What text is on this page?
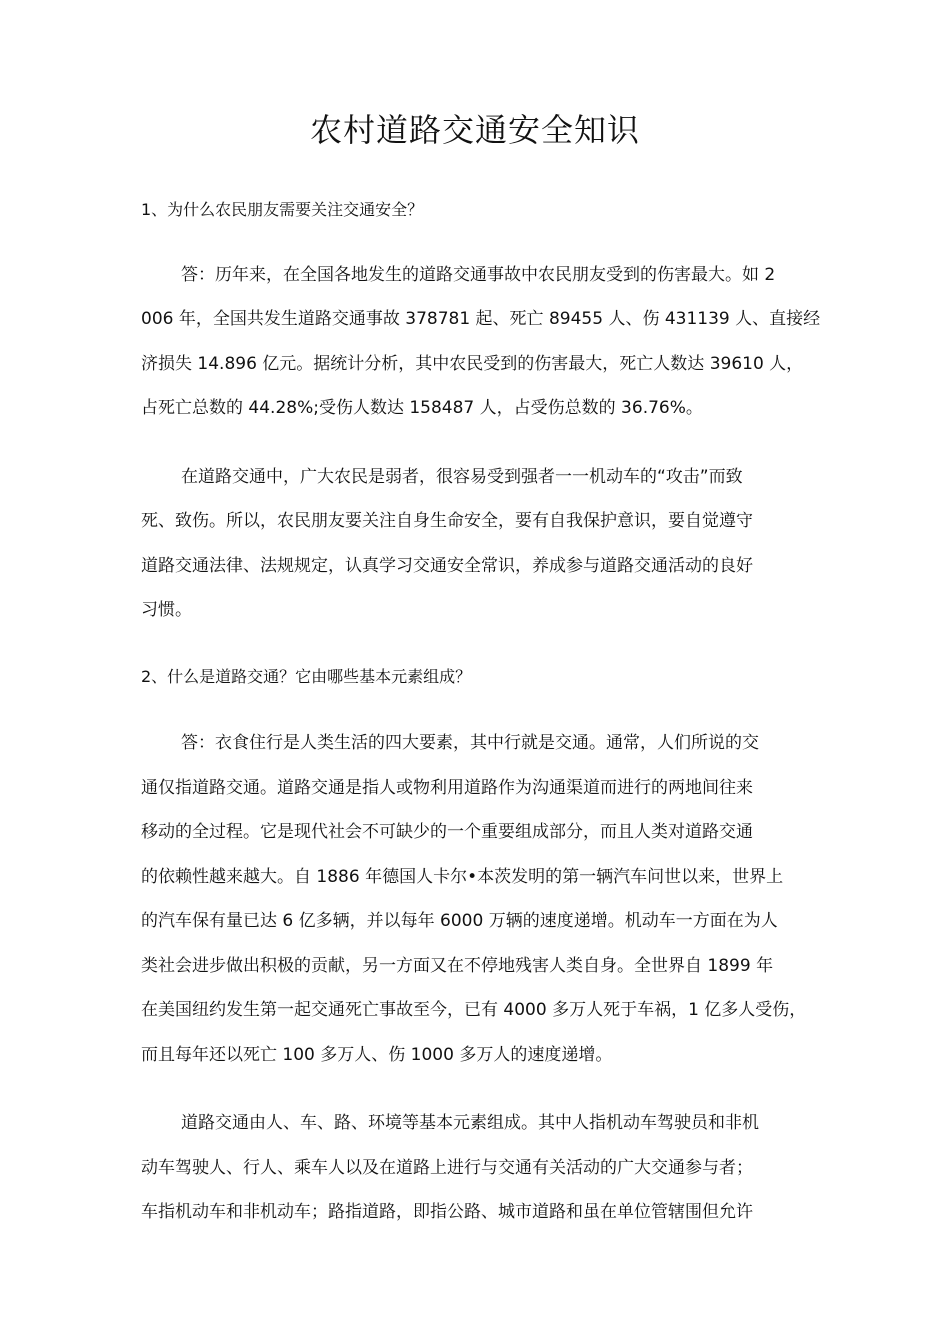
农村道路交通安全知识

1、为什么农民朋友需要关注交通安全？

答：历年来，在全国各地发生的道路交通事故中农民朋友受到的伤害最大。如 2

006 年，全国共发生道路交通事故 378781 起、死亡 89455 人、伤 431139 人、直接经

济损失 14.896 亿元。据统计分析，其中农民受到的伤害最大，死亡人数达 39610 人，

占死亡总数的 44.28%;受伤人数达 158487 人，占受伤总数的 36.76%。

在道路交通中，广大农民是弱者，很容易受到强者一一机动车的“攻击”而致

死、致伤。所以，农民朋友要关注自身生命安全，要有自我保护意识，要自觉遵守

道路交通法律、法规规定，认真学习交通安全常识，养成参与道路交通活动的良好

习惯。

2、什么是道路交通？它由哪些基本元素组成？

答：衣食住行是人类生活的四大要素，其中行就是交通。通常，人们所说的交

通仅指道路交通。道路交通是指人或物利用道路作为沟通渠道而进行的两地间往来

移动的全过程。它是现代社会不可缺少的一个重要组成部分，而且人类对道路交通

的依赖性越来越大。自 1886 年德国人卡尔•本茨发明的第一辆汽车问世以来，世界上

的汽车保有量已达 6 亿多辆，并以每年 6000 万辆的速度递增。机动车一方面在为人

类社会进步做出积极的贡献，另一方面又在不停地残害人类自身。全世界自 1899 年

在美国纽约发生第一起交通死亡事故至今，已有 4000 多万人死于车祸，1 亿多人受伤，

而且每年还以死亡 100 多万人、伤 1000 多万人的速度递增。

道路交通由人、车、路、环境等基本元素组成。其中人指机动车驾驶员和非机

动车驾驶人、行人、乘车人以及在道路上进行与交通有关活动的广大交通参与者；

车指机动车和非机动车；路指道路，即指公路、城市道路和虽在单位管辖围但允许
